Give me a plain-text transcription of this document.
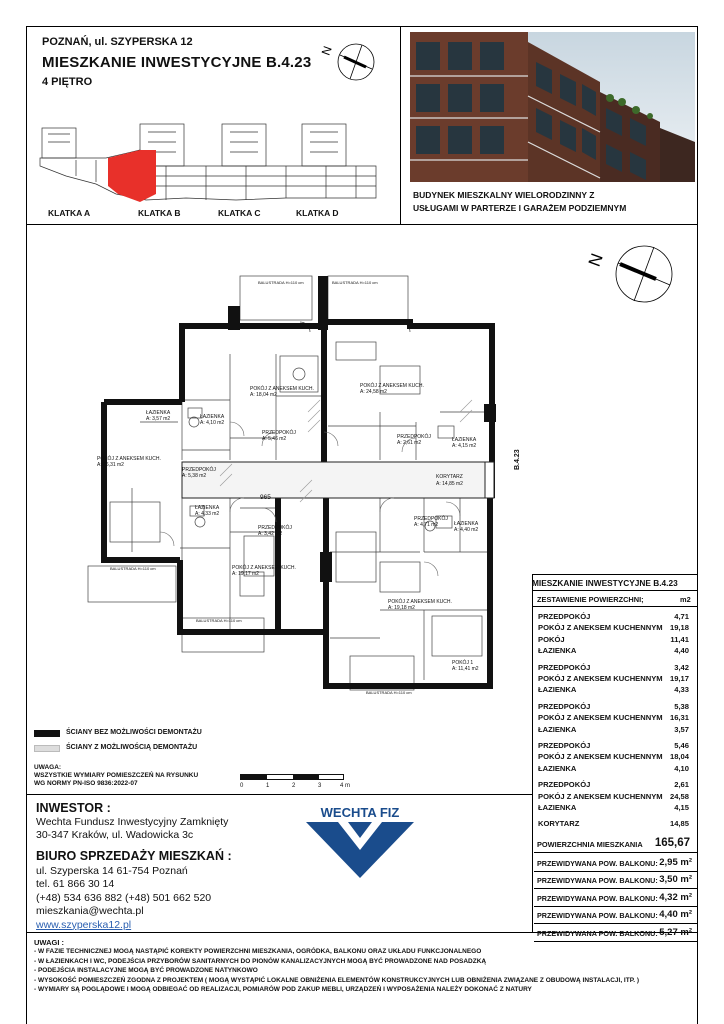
POZNAŃ, ul. SZYPERSKA 12
MIESZKANIE INWESTYCYJNE B.4.23
4 PIĘTRO
N
KLATKA A	KLATKA B	KLATKA C	KLATKA D
BUDYNEK MIESZKALNY WIELORODZINNY Z
USŁUGAMI W PARTERZE I GARAŻEM PODZIEMNYM
N
B.4.23
965
KORYTARZ
A: 14,85 m2
BALUSTRADA H=110 cm	BALUSTRADA H=110 cm
BALUSTRADA H=110 cm
BALUSTRADA H=110 cm
BALUSTRADA H=110 cm
POKÓJ Z ANEKSEM KUCH.
A: 18,04 m2
POKÓJ Z ANEKSEM KUCH.
A: 24,58 m2
ŁAZIENKA
A: 3,57 m2	ŁAZIENKA
A: 4,10 m2
PRZEDPOKÓJ
A: 5,46 m2	PRZEDPOKÓJ
A: 2,61 m2	ŁAZIENKA
A: 4,15 m2
POKÓJ Z ANEKSEM KUCH.
A: 16,31 m2
PRZEDPOKÓJ
A: 5,38 m2
ŁAZIENKA
A: 4,33 m2
PRZEDPOKÓJ
A: 3,42 m2
POKÓJ Z ANEKSEM KUCH.
A: 19,17 m2
PRZEDPOKÓJ
A: 4,71 m2	ŁAZIENKA
A: 4,40 m2
POKÓJ Z ANEKSEM KUCH.
A: 19,18 m2
POKÓJ 1
A: 11,41 m2
ŚCIANY BEZ MOŻLIWOŚCI DEMONTAŻU
ŚCIANY Z MOŻLIWOŚCIĄ DEMONTAŻU
UWAGA:
WSZYSTKIE WYMIARY POMIESZCZEŃ NA RYSUNKU
WG NORMY PN-ISO 9836:2022-07	0	1	2	3	4 m
INWESTOR :
Wechta Fundusz Inwestycyjny Zamknięty
30-347 Kraków, ul. Wadowicka 3c
BIURO SPRZEDAŻY MIESZKAŃ :
ul. Szyperska 14 61-754 Poznań
tel. 61 866 30 14
(+48) 534 636 882 (+48) 501 662 520
mieszkania@wechta.pl
www.szyperska12.pl
WECHTA FIZ
MIESZKANIE INWESTYCYJNE B.4.23
ZESTAWIENIE POWIERZCHNI;	m2
PRZEDPOKÓJ	4,71
POKÓJ Z ANEKSEM KUCHENNYM 19,18
POKÓJ	11,41
ŁAZIENKA	4,40
PRZEDPOKÓJ	3,42
POKÓJ Z ANEKSEM KUCHENNYM 19,17
ŁAZIENKA	4,33
PRZEDPOKÓJ	5,38
POKÓJ Z ANEKSEM KUCHENNYM 16,31
ŁAZIENKA	3,57
PRZEDPOKÓJ	5,46
POKÓJ Z ANEKSEM KUCHENNYM 18,04
ŁAZIENKA	4,10
PRZEDPOKÓJ	2,61
POKÓJ Z ANEKSEM KUCHENNYM 24,58
ŁAZIENKA	4,15
KORYTARZ	14,85
POWIERZCHNIA MIESZKANIA 165,67
PRZEWIDYWANA POW. BALKONU: 2,95 m²
PRZEWIDYWANA POW. BALKONU: 3,50 m²
PRZEWIDYWANA POW. BALKONU: 4,32 m²
PRZEWIDYWANA POW. BALKONU: 4,40 m²
PRZEWIDYWANA POW. BALKONU: 5,27 m²
UWAGI :
- W FAZIE TECHNICZNEJ MOGĄ NASTĄPIĆ KOREKTY POWIERZCHNI MIESZKANIA, OGRÓDKA, BALKONU ORAZ UKŁADU FUNKCJONALNEGO
- W ŁAZIENKACH I WC, PODEJŚCIA PRZYBORÓW SANITARNYCH DO PIONÓW KANALIZACYJNYCH MOGĄ BYĆ PROWADZONE NAD POSADZKĄ
- PODEJŚCIA INSTALACYJNE MOGĄ BYĆ PROWADZONE NATYNKOWO
- WYSOKOŚĆ POMIESZCZEŃ ZGODNA Z PROJEKTEM ( MOGĄ WYSTĄPIĆ LOKALNE OBNIŻENIA ELEMENTÓW KONSTRUKCYJNYCH LUB OBNIŻENIA ZWIĄZANE Z OBUDOWĄ INSTALACJI, ITP. )
- WYMIARY SĄ POGLĄDOWE I MOGĄ ODBIEGAĆ OD REALIZACJI, POMIARÓW POD ZAKUP MEBLI, URZĄDZEŃ I WYPOSAŻENIA NALEŻY DOKONAĆ Z NATURY
